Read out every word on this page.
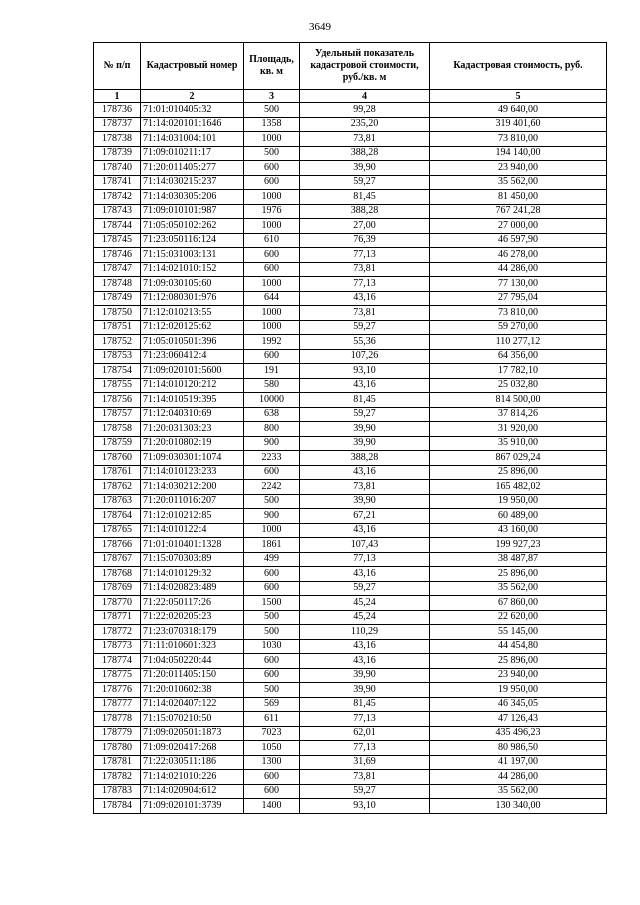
3649
№ п/п	Кадастровый номер	Площадь, кв. м	Удельный показатель кадастровой стоимости, руб./кв. м	Кадастровая стоимость, руб.
1	2	3	4	5
178736	71:01:010405:32	500	99,28	49 640,00
178737	71:14:020101:1646	1358	235,20	319 401,60
178738	71:14:031004:101	1000	73,81	73 810,00
178739	71:09:010211:17	500	388,28	194 140,00
178740	71:20:011405:277	600	39,90	23 940,00
178741	71:14:030215:237	600	59,27	35 562,00
178742	71:14:030305:206	1000	81,45	81 450,00
178743	71:09:010101:987	1976	388,28	767 241,28
178744	71:05:050102:262	1000	27,00	27 000,00
178745	71:23:050116:124	610	76,39	46 597,90
178746	71:15:031003:131	600	77,13	46 278,00
178747	71:14:021010:152	600	73,81	44 286,00
178748	71:09:030105:60	1000	77,13	77 130,00
178749	71:12:080301:976	644	43,16	27 795,04
178750	71:12:010213:55	1000	73,81	73 810,00
178751	71:12:020125:62	1000	59,27	59 270,00
178752	71:05:010501:396	1992	55,36	110 277,12
178753	71:23:060412:4	600	107,26	64 356,00
178754	71:09:020101:5600	191	93,10	17 782,10
178755	71:14:010120:212	580	43,16	25 032,80
178756	71:14:010519:395	10000	81,45	814 500,00
178757	71:12:040310:69	638	59,27	37 814,26
178758	71:20:031303:23	800	39,90	31 920,00
178759	71:20:010802:19	900	39,90	35 910,00
178760	71:09:030301:1074	2233	388,28	867 029,24
178761	71:14:010123:233	600	43,16	25 896,00
178762	71:14:030212:200	2242	73,81	165 482,02
178763	71:20:011016:207	500	39,90	19 950,00
178764	71:12:010212:85	900	67,21	60 489,00
178765	71:14:010122:4	1000	43,16	43 160,00
178766	71:01:010401:1328	1861	107,43	199 927,23
178767	71:15:070303:89	499	77,13	38 487,87
178768	71:14:010129:32	600	43,16	25 896,00
178769	71:14:020823:489	600	59,27	35 562,00
178770	71:22:050117:26	1500	45,24	67 860,00
178771	71:22:020205:23	500	45,24	22 620,00
178772	71:23:070318:179	500	110,29	55 145,00
178773	71:11:010601:323	1030	43,16	44 454,80
178774	71:04:050220:44	600	43,16	25 896,00
178775	71:20:011405:150	600	39,90	23 940,00
178776	71:20:010602:38	500	39,90	19 950,00
178777	71:14:020407:122	569	81,45	46 345,05
178778	71:15:070210:50	611	77,13	47 126,43
178779	71:09:020501:1873	7023	62,01	435 496,23
178780	71:09:020417:268	1050	77,13	80 986,50
178781	71:22:030511:186	1300	31,69	41 197,00
178782	71:14:021010:226	600	73,81	44 286,00
178783	71:14:020904:612	600	59,27	35 562,00
178784	71:09:020101:3739	1400	93,10	130 340,00
